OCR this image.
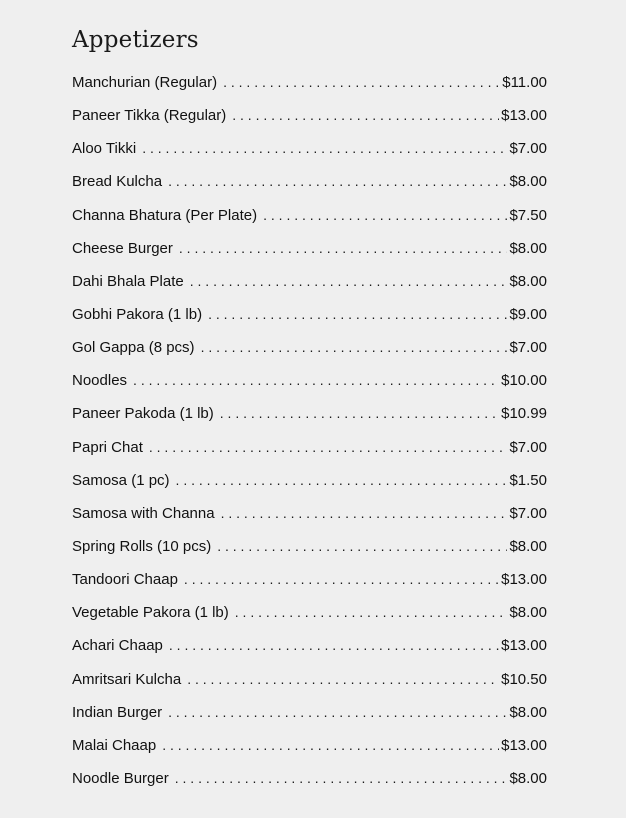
Appetizers
Manchurian (Regular) . . .	$11.00
Paneer Tikka (Regular) . . .	$13.00
Aloo Tikki . . .	$7.00
Bread Kulcha . . .	$8.00
Channa Bhatura (Per Plate) . . .	$7.50
Cheese Burger . . .	$8.00
Dahi Bhala Plate . . .	$8.00
Gobhi Pakora (1 lb) . . .	$9.00
Gol Gappa (8 pcs) . . .	$7.00
Noodles . . .	$10.00
Paneer Pakoda (1 lb) . . .	$10.99
Papri Chat . . .	$7.00
Samosa (1 pc) . . .	$1.50
Samosa with Channa . . .	$7.00
Spring Rolls (10 pcs) . . .	$8.00
Tandoori Chaap . . .	$13.00
Vegetable Pakora (1 lb) . . .	$8.00
Achari Chaap . . .	$13.00
Amritsari Kulcha . . .	$10.50
Indian Burger . . .	$8.00
Malai Chaap . . .	$13.00
Noodle Burger . . .	$8.00
